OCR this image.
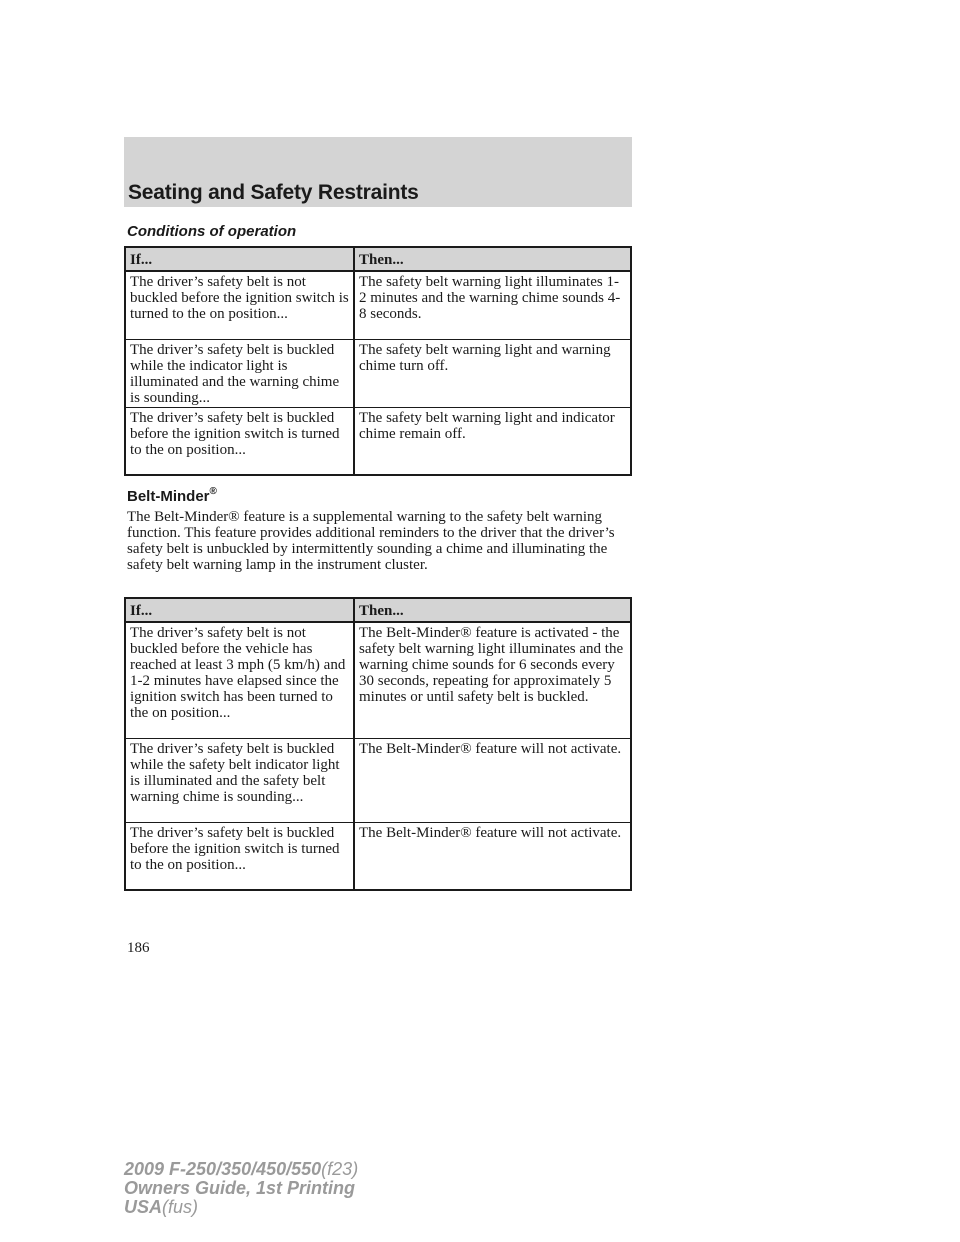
Seating and Safety Restraints
Conditions of operation
If...	Then...
The driver’s safety belt is not buckled before the ignition switch is turned to the on position...	The safety belt warning light illuminates 1-2 minutes and the warning chime sounds 4-8 seconds.
The driver’s safety belt is buckled while the indicator light is illuminated and the warning chime is sounding...	The safety belt warning light and warning chime turn off.
The driver’s safety belt is buckled before the ignition switch is turned to the on position...	The safety belt warning light and indicator chime remain off.
Belt-Minder®

The Belt-Minder® feature is a supplemental warning to the safety belt warning function. This feature provides additional reminders to the driver that the driver’s safety belt is unbuckled by intermittently sounding a chime and illuminating the safety belt warning lamp in the instrument cluster.

If...	Then...
The driver’s safety belt is not buckled before the vehicle has reached at least 3 mph (5 km/h) and 1-2 minutes have elapsed since the ignition switch has been turned to the on position...	The Belt-Minder® feature is activated - the safety belt warning light illuminates and the warning chime sounds for 6 seconds every 30 seconds, repeating for approximately 5 minutes or until safety belt is buckled.
The driver’s safety belt is buckled while the safety belt indicator light is illuminated and the safety belt warning chime is sounding...	The Belt-Minder® feature will not activate.
The driver’s safety belt is buckled before the ignition switch is turned to the on position...	The Belt-Minder® feature will not activate.
186
2009 F-250/350/450/550(f23)
Owners Guide, 1st Printing
USA(fus)
